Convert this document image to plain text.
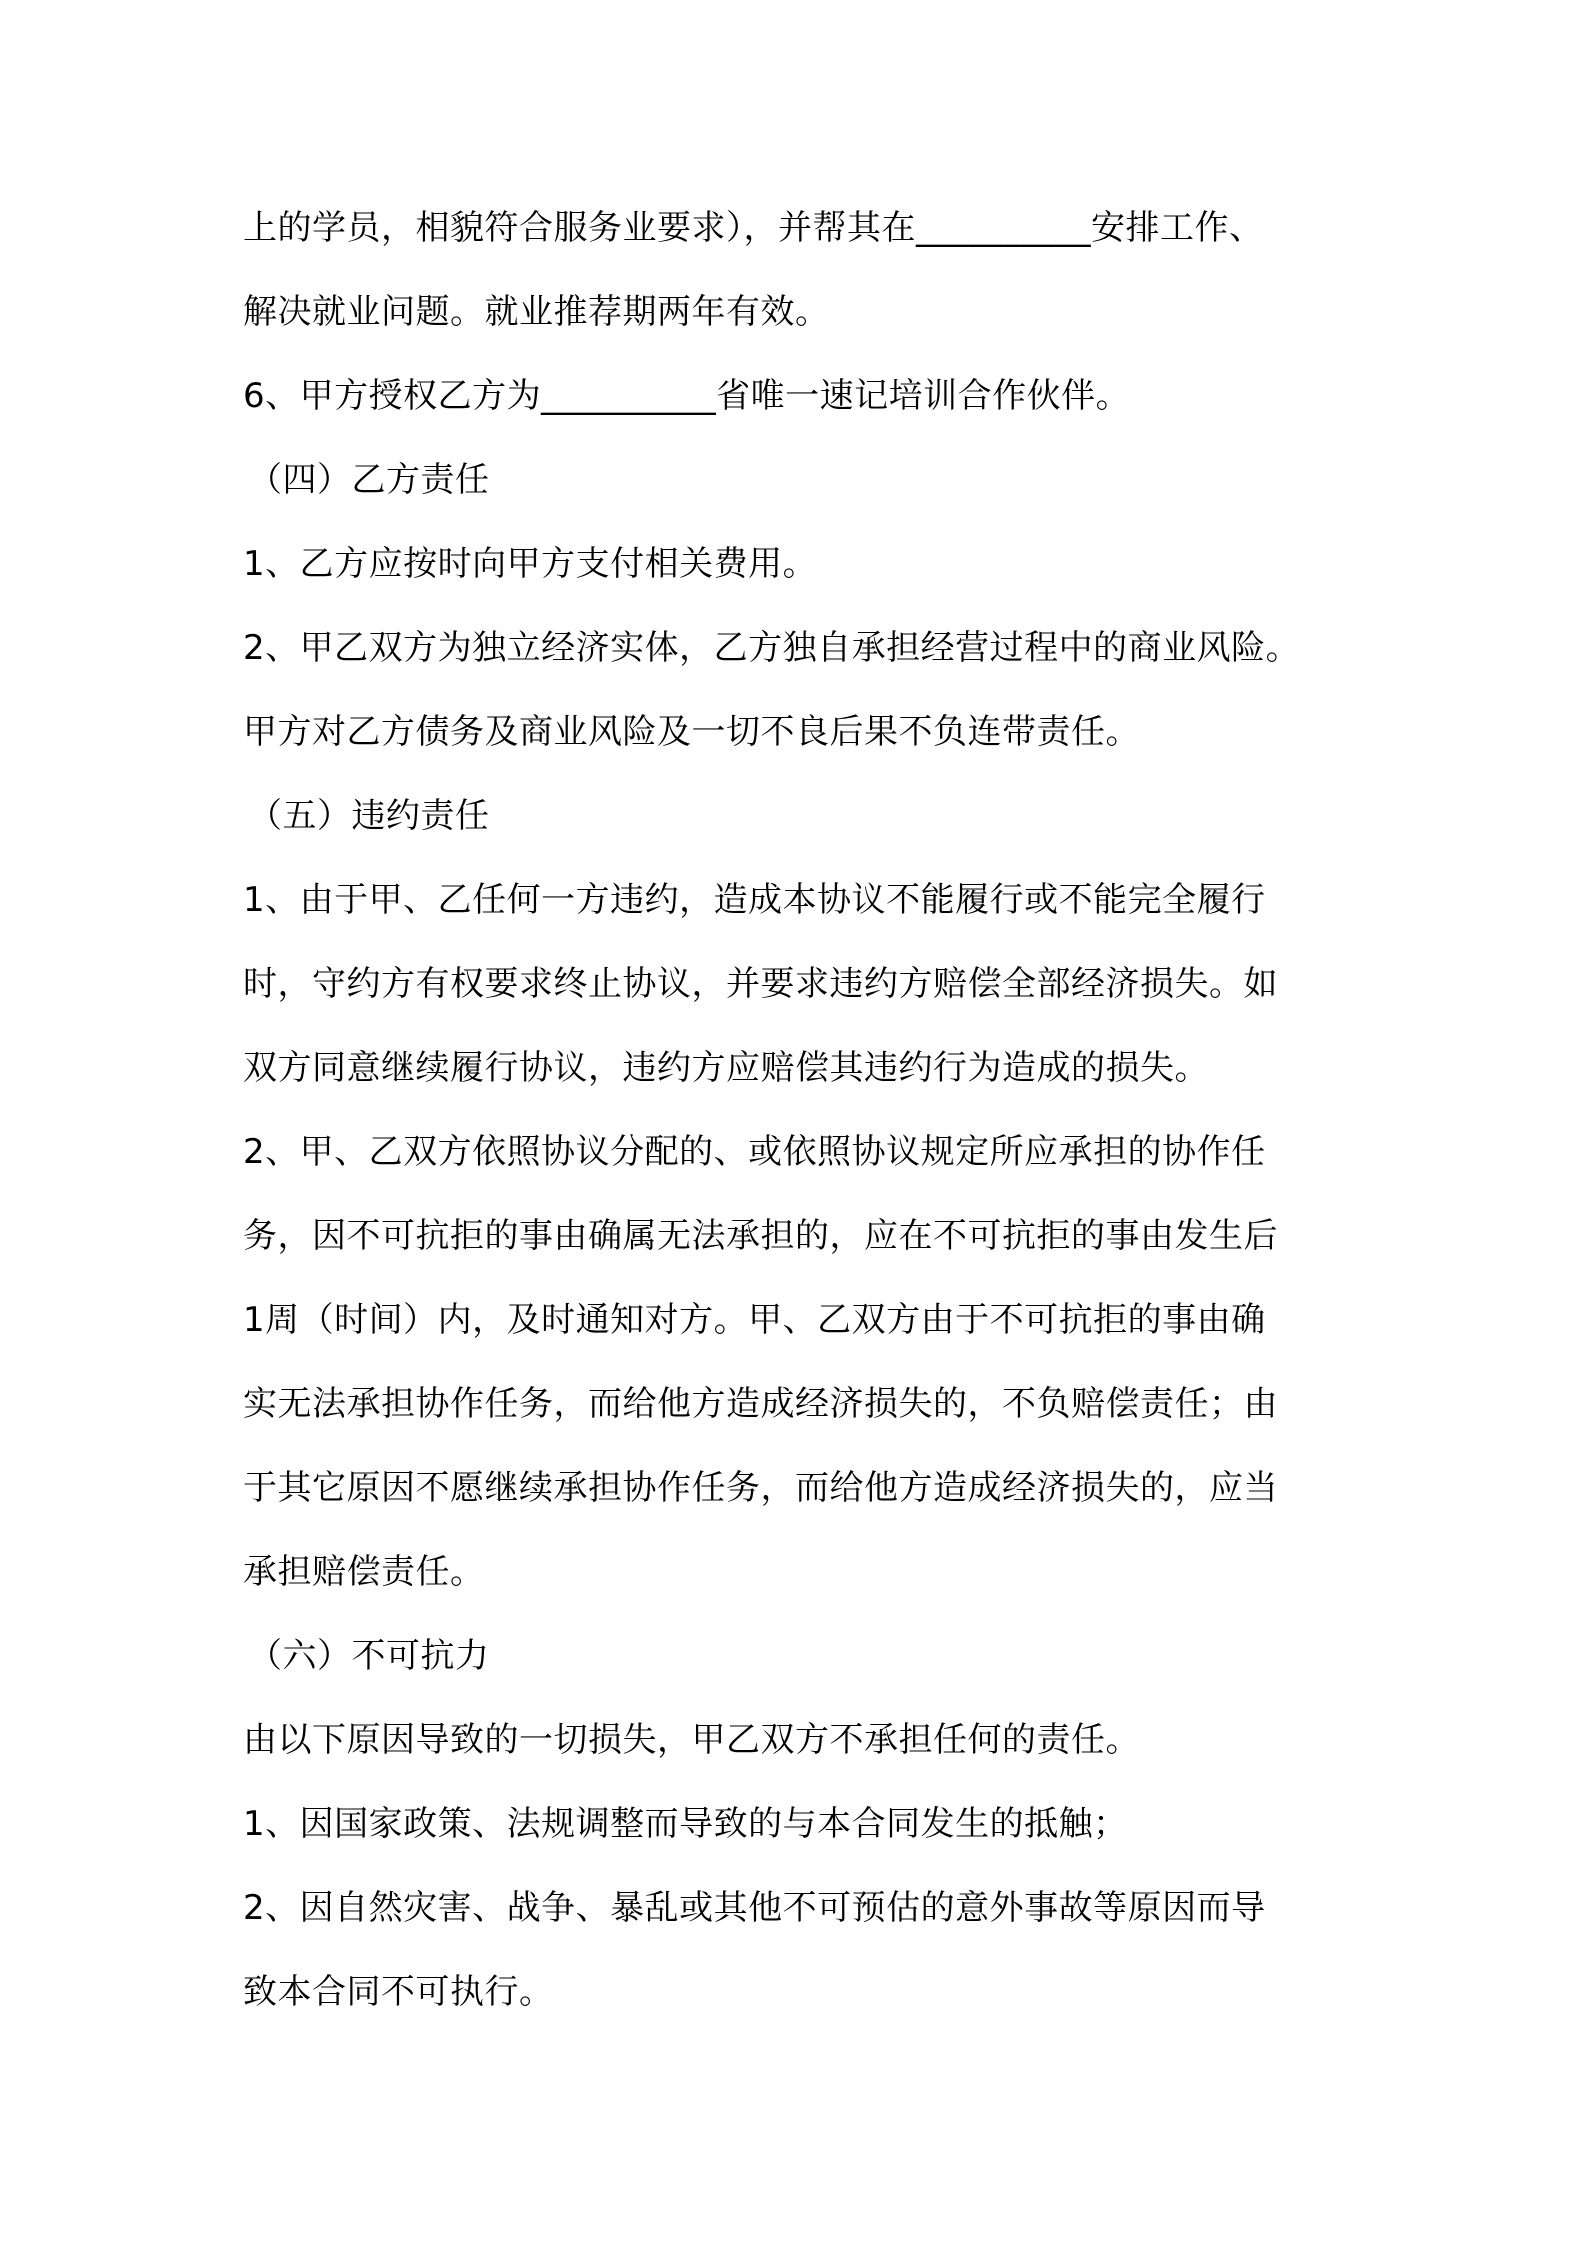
上的学员，相貌符合服务业要求），并帮其在__________安排工作、
解决就业问题。就业推荐期两年有效。
6、甲方授权乙方为__________省唯一速记培训合作伙伴。
（四）乙方责任
1、乙方应按时向甲方支付相关费用。
2、甲乙双方为独立经济实体，乙方独自承担经营过程中的商业风险。
甲方对乙方债务及商业风险及一切不良后果不负连带责任。
（五）违约责任
1、由于甲、乙任何一方违约，造成本协议不能履行或不能完全履行
时，守约方有权要求终止协议，并要求违约方赔偿全部经济损失。如
双方同意继续履行协议，违约方应赔偿其违约行为造成的损失。
2、甲、乙双方依照协议分配的、或依照协议规定所应承担的协作任
务，因不可抗拒的事由确属无法承担的，应在不可抗拒的事由发生后
1周（时间）内，及时通知对方。甲、乙双方由于不可抗拒的事由确
实无法承担协作任务，而给他方造成经济损失的，不负赔偿责任；由
于其它原因不愿继续承担协作任务，而给他方造成经济损失的，应当
承担赔偿责任。
（六）不可抗力
由以下原因导致的一切损失，甲乙双方不承担任何的责任。
1、因国家政策、法规调整而导致的与本合同发生的抵触；
2、因自然灾害、战争、暴乱或其他不可预估的意外事故等原因而导
致本合同不可执行。
